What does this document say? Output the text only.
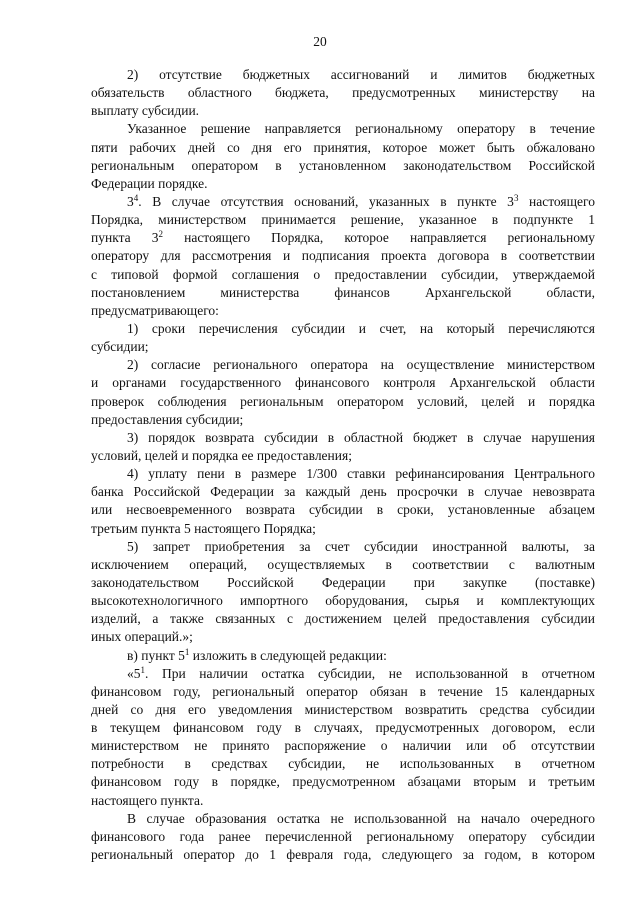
20
2) отсутствие бюджетных ассигнований и лимитов бюджетных
обязательств областного бюджета, предусмотренных министерству на
выплату субсидии.
Указанное решение направляется региональному оператору в течение
пяти рабочих дней со дня его принятия, которое может быть обжаловано
региональным оператором в установленном законодательством Российской
Федерации порядке.
$3^4$. В случае отсутствия оснований, указанных в пункте $3^3$ настоящего
Порядка, министерством принимается решение, указанное в подпункте 1
пункта $3^2$ настоящего Порядка, которое направляется региональному
оператору для рассмотрения и подписания проекта договора в соответствии
с типовой формой соглашения о предоставлении субсидии, утверждаемой
постановлением министерства финансов Архангельской области,
предусматривающего:
1) сроки перечисления субсидии и счет, на который перечисляются
субсидии;
2) согласие регионального оператора на осуществление министерством
и органами государственного финансового контроля Архангельской области
проверок соблюдения региональным оператором условий, целей и порядка
предоставления субсидии;
3) порядок возврата субсидии в областной бюджет в случае нарушения
условий, целей и порядка ее предоставления;
4) уплату пени в размере 1/300 ставки рефинансирования Центрального
банка Российской Федерации за каждый день просрочки в случае невозврата
или несвоевременного возврата субсидии в сроки, установленные абзацем
третьим пункта 5 настоящего Порядка;
5) запрет приобретения за счет субсидии иностранной валюты, за
исключением операций, осуществляемых в соответствии с валютным
законодательством Российской Федерации при закупке (поставке)
высокотехнологичного импортного оборудования, сырья и комплектующих
изделий, а также связанных с достижением целей предоставления субсидии
иных операций.»;
в) пункт $5^1$ изложить в следующей редакции:
«$5^1$. При наличии остатка субсидии, не использованной в отчетном
финансовом году, региональный оператор обязан в течение 15 календарных
дней со дня его уведомления министерством возвратить средства субсидии
в текущем финансовом году в случаях, предусмотренных договором, если
министерством не принято распоряжение о наличии или об отсутствии
потребности в средствах субсидии, не использованных в отчетном
финансовом году в порядке, предусмотренном абзацами вторым и третьим
настоящего пункта.
В случае образования остатка не использованной на начало очередного
финансового года ранее перечисленной региональному оператору субсидии
региональный оператор до 1 февраля года, следующего за годом, в котором
